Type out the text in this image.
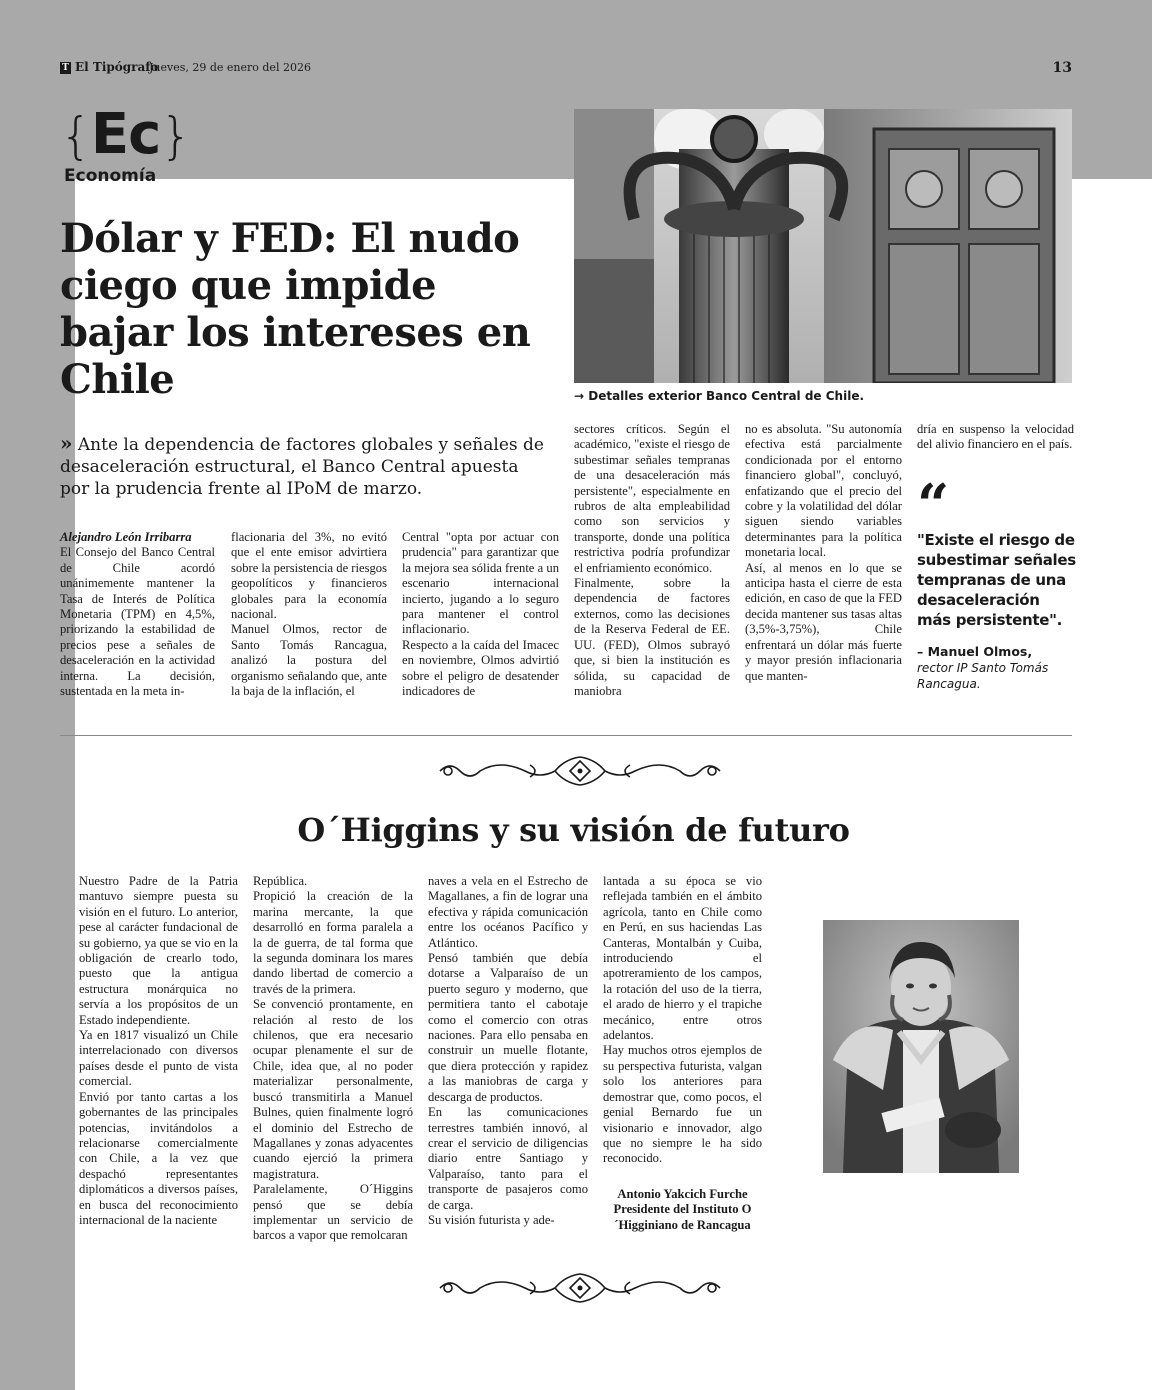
T El Tipógrafo
Jueves, 29 de enero del 2026	13
{Ec}
Economía
Dólar y FED: El nudo ciego que impide bajar los intereses en Chile	→ Detalles exterior Banco Central de Chile.

» Ante la dependencia de factores globales y señales de desaceleración estructural, el Banco Central apuesta por la prudencia frente al IPoM de marzo.

Alejandro León Irribarra

El Consejo del Banco Central de Chile acordó unánimemente mantener la Tasa de Interés de Política Monetaria (TPM) en 4,5%, priorizando la estabilidad de precios pese a señales de desaceleración en la actividad interna. La decisión, sustentada en la meta in-

flacionaria del 3%, no evitó que el ente emisor advirtiera sobre la persistencia de riesgos geopolíticos y financieros globales para la economía nacional.

Manuel Olmos, rector de Santo Tomás Rancagua, analizó la postura del organismo señalando que, ante la baja de la inflación, el

Central "opta por actuar con prudencia" para garantizar que la mejora sea sólida frente a un escenario internacional incierto, jugando a lo seguro para mantener el control inflacionario.

Respecto a la caída del Imacec en noviembre, Olmos advirtió sobre el peligro de desatender indicadores de

sectores críticos. Según el académico, "existe el riesgo de subestimar señales tempranas de una desaceleración más persistente", especialmente en rubros de alta empleabilidad como son servicios y transporte, donde una política restrictiva podría profundizar el enfriamiento económico.

Finalmente, sobre la dependencia de factores externos, como las decisiones de la Reserva Federal de EE. UU. (FED), Olmos subrayó que, si bien la institución es sólida, su capacidad de maniobra

no es absoluta. "Su autonomía efectiva está parcialmente condicionada por el entorno financiero global", concluyó, enfatizando que el precio del cobre y la volatilidad del dólar siguen siendo variables determinantes para la política monetaria local.

Así, al menos en lo que se anticipa hasta el cierre de esta edición, en caso de que la FED decida mantener sus tasas altas (3,5%-3,75%), Chile enfrentará un dólar más fuerte y mayor presión inflacionaria que manten-

dría en suspenso la velocidad del alivio financiero en el país.

“
"Existe el riesgo de subestimar señales tempranas de una desaceleración más persistente".
– Manuel Olmos,
rector IP Santo Tomás Rancagua.
O´Higgins y su visión de futuro

Nuestro Padre de la Patria mantuvo siempre puesta su visión en el futuro. Lo anterior, pese al carácter fundacional de su gobierno, ya que se vio en la obligación de crearlo todo, puesto que la antigua estructura monárquica no servía a los propósitos de un Estado independiente.

Ya en 1817 visualizó un Chile interrelacionado con diversos países desde el punto de vista comercial.

Envió por tanto cartas a los gobernantes de las principales potencias, invitándolos a relacionarse comercialmente con Chile, a la vez que despachó representantes diplomáticos a diversos países, en busca del reconocimiento internacional de la naciente

República.

Propició la creación de la marina mercante, la que desarrolló en forma paralela a la de guerra, de tal forma que la segunda dominara los mares dando libertad de comercio a través de la primera.

Se convenció prontamente, en relación al resto de los chilenos, que era necesario ocupar plenamente el sur de Chile, idea que, al no poder materializar personalmente, buscó transmitirla a Manuel Bulnes, quien finalmente logró el dominio del Estrecho de Magallanes y zonas adyacentes cuando ejerció la primera magistratura.

Paralelamente, O´Higgins pensó que se debía implementar un servicio de barcos a vapor que remolcaran

naves a vela en el Estrecho de Magallanes, a fin de lograr una efectiva y rápida comunicación entre los océanos Pacífico y Atlántico.

Pensó también que debía dotarse a Valparaíso de un puerto seguro y moderno, que permitiera tanto el cabotaje como el comercio con otras naciones. Para ello pensaba en construir un muelle flotante, que diera protección y rapidez a las maniobras de carga y descarga de productos.

En las comunicaciones terrestres también innovó, al crear el servicio de diligencias diario entre Santiago y Valparaíso, tanto para el transporte de pasajeros como de carga.

Su visión futurista y ade-

lantada a su época se vio reflejada también en el ámbito agrícola, tanto en Chile como en Perú, en sus haciendas Las Canteras, Montalbán y Cuiba, introduciendo el apotreramiento de los campos, la rotación del uso de la tierra, el arado de hierro y el trapiche mecánico, entre otros adelantos.

Hay muchos otros ejemplos de su perspectiva futurista, valgan solo los anteriores para demostrar que, como pocos, el genial Bernardo fue un visionario e innovador, algo que no siempre le ha sido reconocido.

Antonio Yakcich Furche
Presidente del Instituto O´Higginiano de Rancagua
